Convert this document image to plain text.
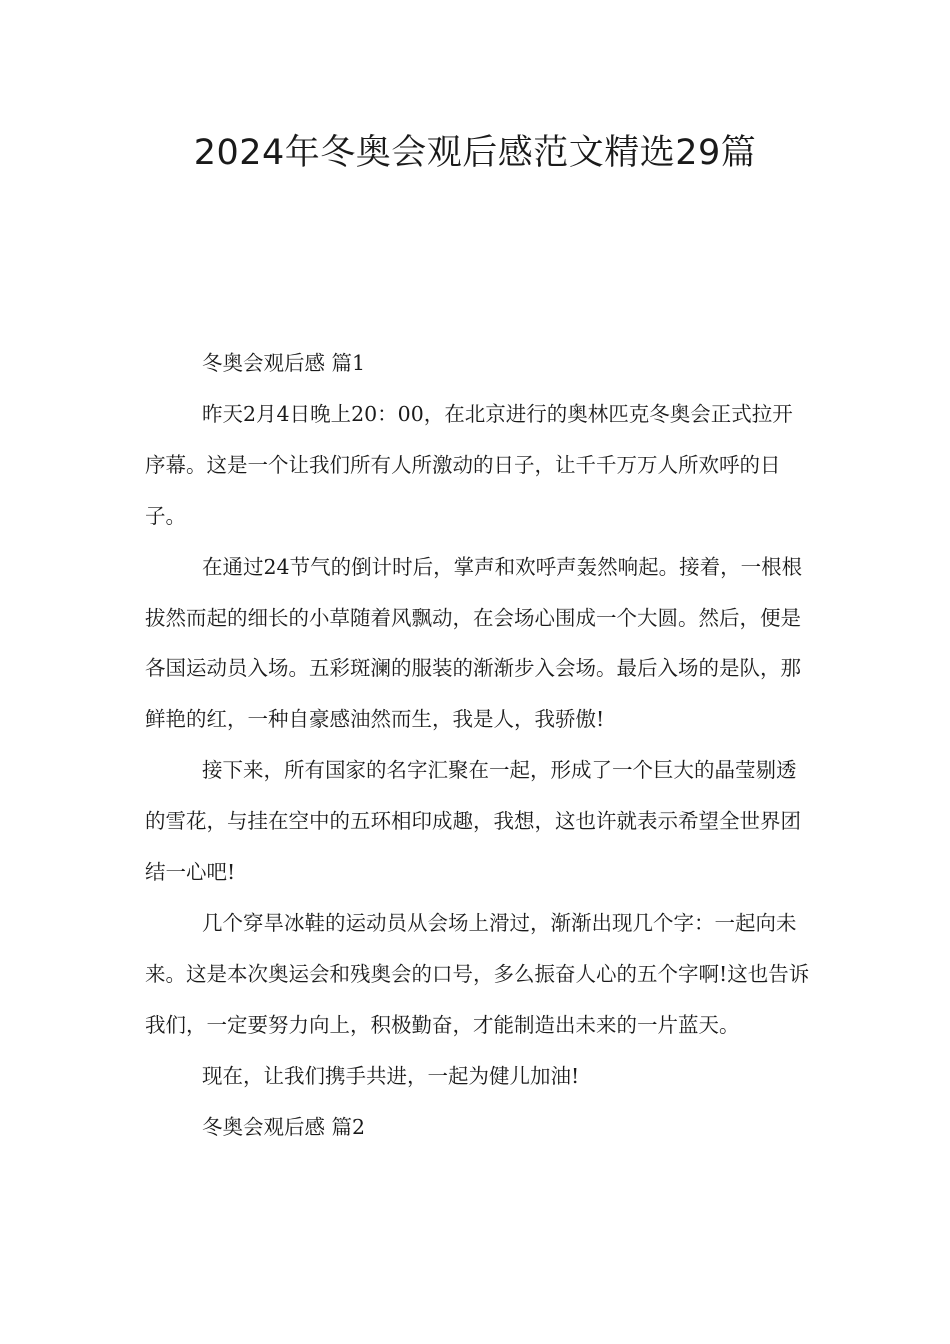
2024年冬奥会观后感范文精选29篇

冬奥会观后感 篇1

昨天2月4日晚上20：00，在北京进行的奥林匹克冬奥会正式拉开序幕。这是一个让我们所有人所激动的日子，让千千万万人所欢呼的日子。

在通过24节气的倒计时后，掌声和欢呼声轰然响起。接着，一根根拔然而起的细长的小草随着风飘动，在会场心围成一个大圆。然后，便是各国运动员入场。五彩斑澜的服装的渐渐步入会场。最后入场的是队，那鲜艳的红，一种自豪感油然而生，我是人，我骄傲!

接下来，所有国家的名字汇聚在一起，形成了一个巨大的晶莹剔透的雪花，与挂在空中的五环相印成趣，我想，这也许就表示希望全世界团结一心吧!

几个穿旱冰鞋的运动员从会场上滑过，渐渐出现几个字：一起向未来。这是本次奥运会和残奥会的口号，多么振奋人心的五个字啊!这也告诉我们，一定要努力向上，积极勤奋，才能制造出未来的一片蓝天。

现在，让我们携手共进，一起为健儿加油!

冬奥会观后感 篇2
